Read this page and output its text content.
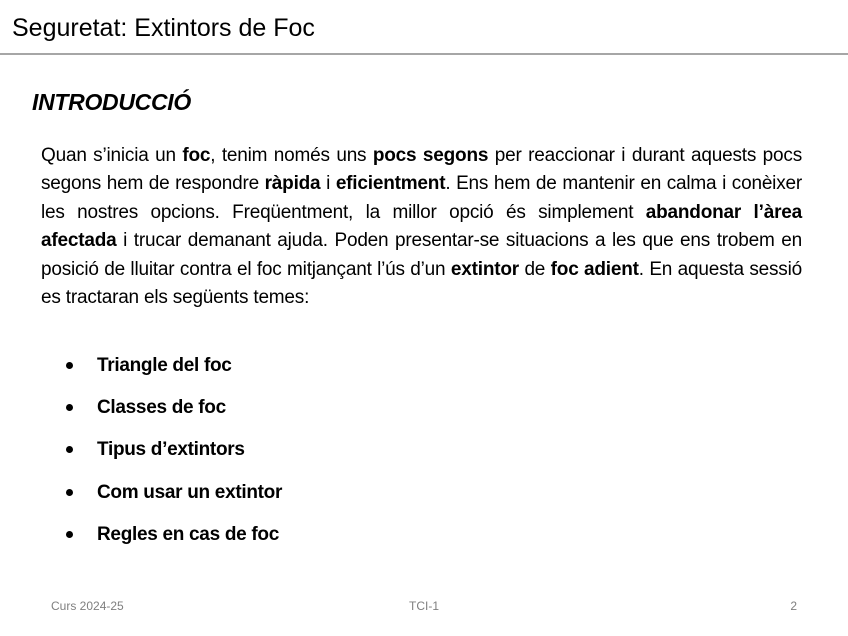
Seguretat: Extintors de Foc
INTRODUCCIÓ

Quan s’inicia un foc, tenim només uns pocs segons per reaccionar i durant aquests pocs segons hem de respondre ràpida i eficientment. Ens hem de mantenir en calma i conèixer les nostres opcions. Freqüentment, la millor opció és simplement abandonar l’àrea afectada i trucar demanant ajuda. Poden presentar-se situacions a les que ens trobem en posició de lluitar contra el foc mitjançant l’ús d’un extintor de foc adient. En aquesta sessió es tractaran els següents temes:

Triangle del foc
Classes de foc
Tipus d’extintors
Com usar un extintor
Regles en cas de foc
Curs 2024-25	TCI-1	2
